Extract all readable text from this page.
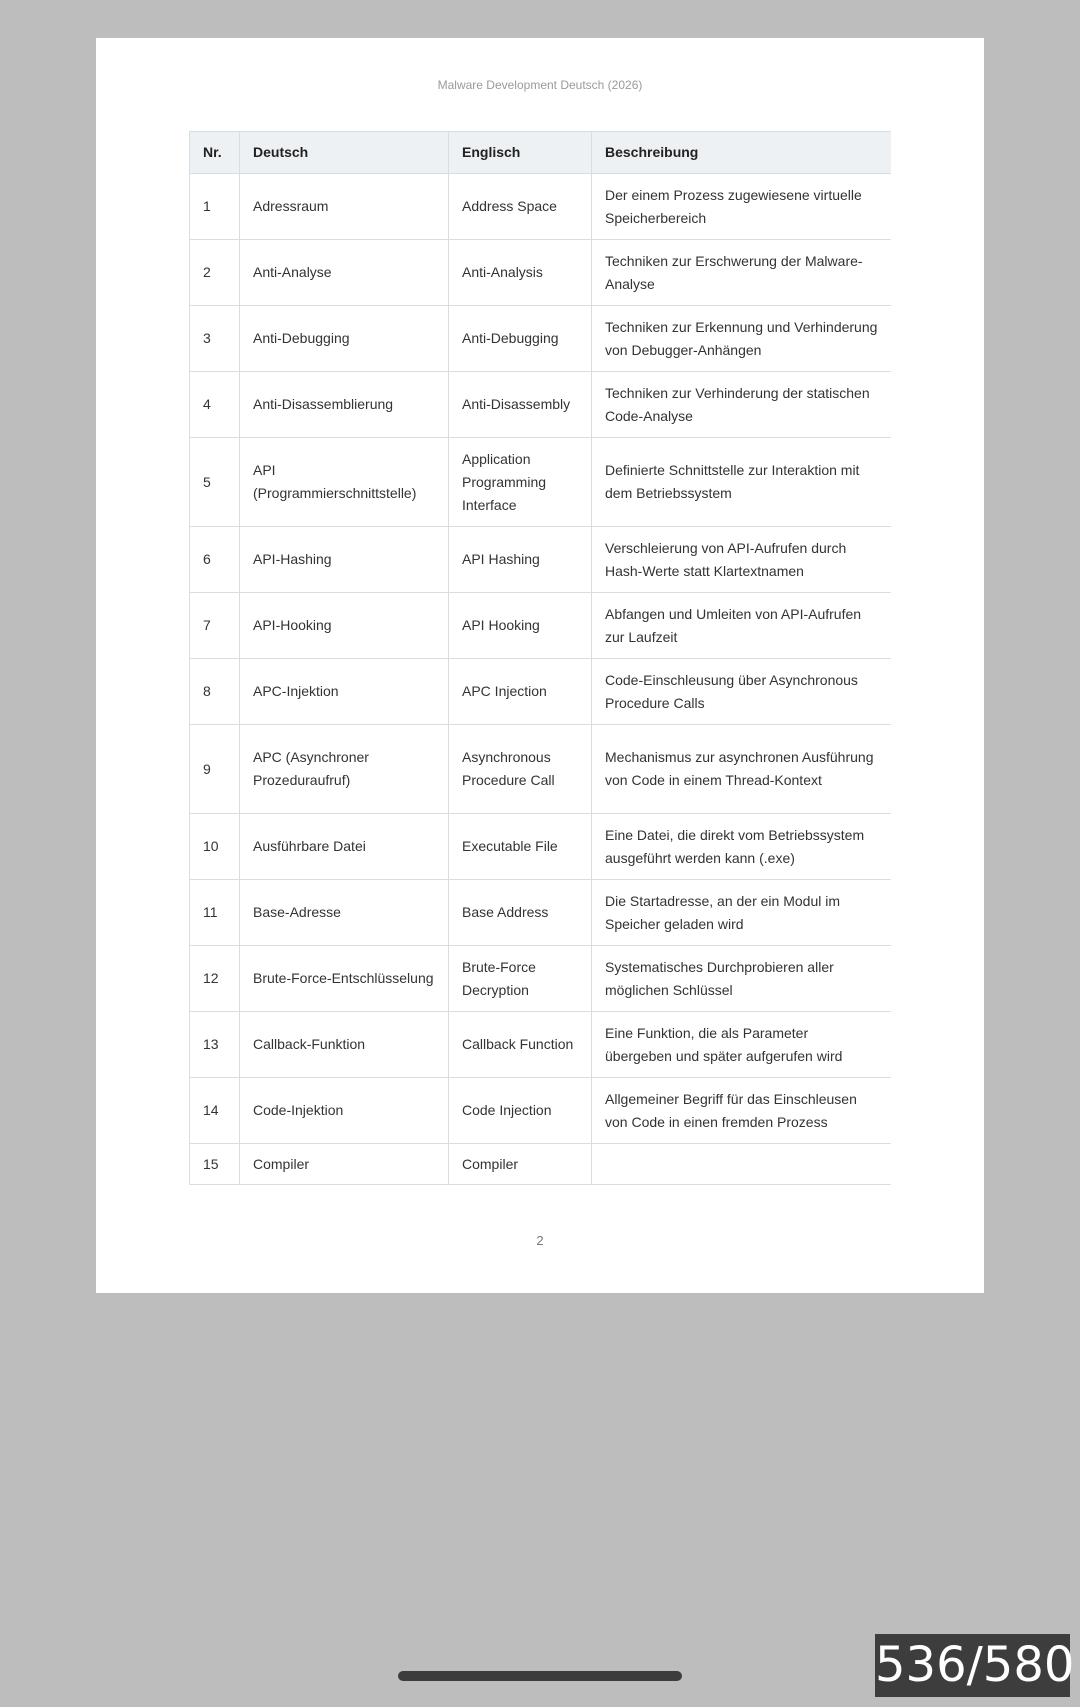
Malware Development Deutsch (2026)
Nr.	Deutsch	Englisch	Beschreibung
1	Adressraum	Address Space	Der einem Prozess zugewiesene virtuelle Speicherbereich
2	Anti-Analyse	Anti-Analysis	Techniken zur Erschwerung der Malware-Analyse
3	Anti-Debugging	Anti-Debugging	Techniken zur Erkennung und Verhinderung von Debugger-Anhängen
4	Anti-Disassemblierung	Anti-Disassembly	Techniken zur Verhinderung der statischen Code-Analyse
5	API (Programmierschnittstelle)	Application Programming Interface	Definierte Schnittstelle zur Interaktion mit dem Betriebssystem
6	API-Hashing	API Hashing	Verschleierung von API-Aufrufen durch Hash-Werte statt Klartextnamen
7	API-Hooking	API Hooking	Abfangen und Umleiten von API-Aufrufen zur Laufzeit
8	APC-Injektion	APC Injection	Code-Einschleusung über Asynchronous Procedure Calls
9	APC (Asynchroner Prozeduraufruf)	Asynchronous Procedure Call	Mechanismus zur asynchronen Ausführung von Code in einem Thread-Kontext
10	Ausführbare Datei	Executable File	Eine Datei, die direkt vom Betriebssystem ausgeführt werden kann (.exe)
11	Base-Adresse	Base Address	Die Startadresse, an der ein Modul im Speicher geladen wird
12	Brute-Force-Entschlüsselung	Brute-Force Decryption	Systematisches Durchprobieren aller möglichen Schlüssel
13	Callback-Funktion	Callback Function	Eine Funktion, die als Parameter übergeben und später aufgerufen wird
14	Code-Injektion	Code Injection	Allgemeiner Begriff für das Einschleusen von Code in einen fremden Prozess
15	Compiler	Compiler	
2
536/580
